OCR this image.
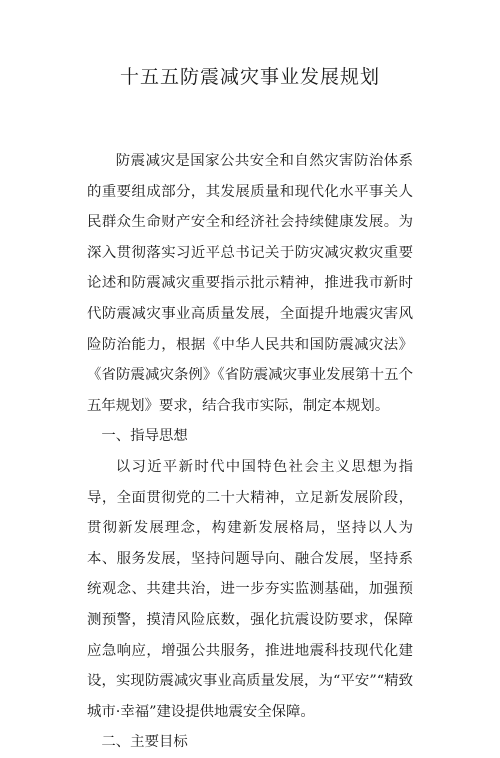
十五五防震减灾事业发展规划

防震减灾是国家公共安全和自然灾害防治体系的重要组成部分，其发展质量和现代化水平事关人民群众生命财产安全和经济社会持续健康发展。为深入贯彻落实习近平总书记关于防灾减灾救灾重要论述和防震减灾重要指示批示精神，推进我市新时代防震减灾事业高质量发展，全面提升地震灾害风险防治能力，根据《中华人民共和国防震减灾法》《省防震减灾条例》《省防震减灾事业发展第十五个五年规划》要求，结合我市实际，制定本规划。

一、指导思想

以习近平新时代中国特色社会主义思想为指导，全面贯彻党的二十大精神，立足新发展阶段，贯彻新发展理念，构建新发展格局，坚持以人为本、服务发展，坚持问题导向、融合发展，坚持系统观念、共建共治，进一步夯实监测基础，加强预测预警，摸清风险底数，强化抗震设防要求，保障应急响应，增强公共服务，推进地震科技现代化建设，实现防震减灾事业高质量发展，为“平安”“精致城市·幸福”建设提供地震安全保障。

二、主要目标
